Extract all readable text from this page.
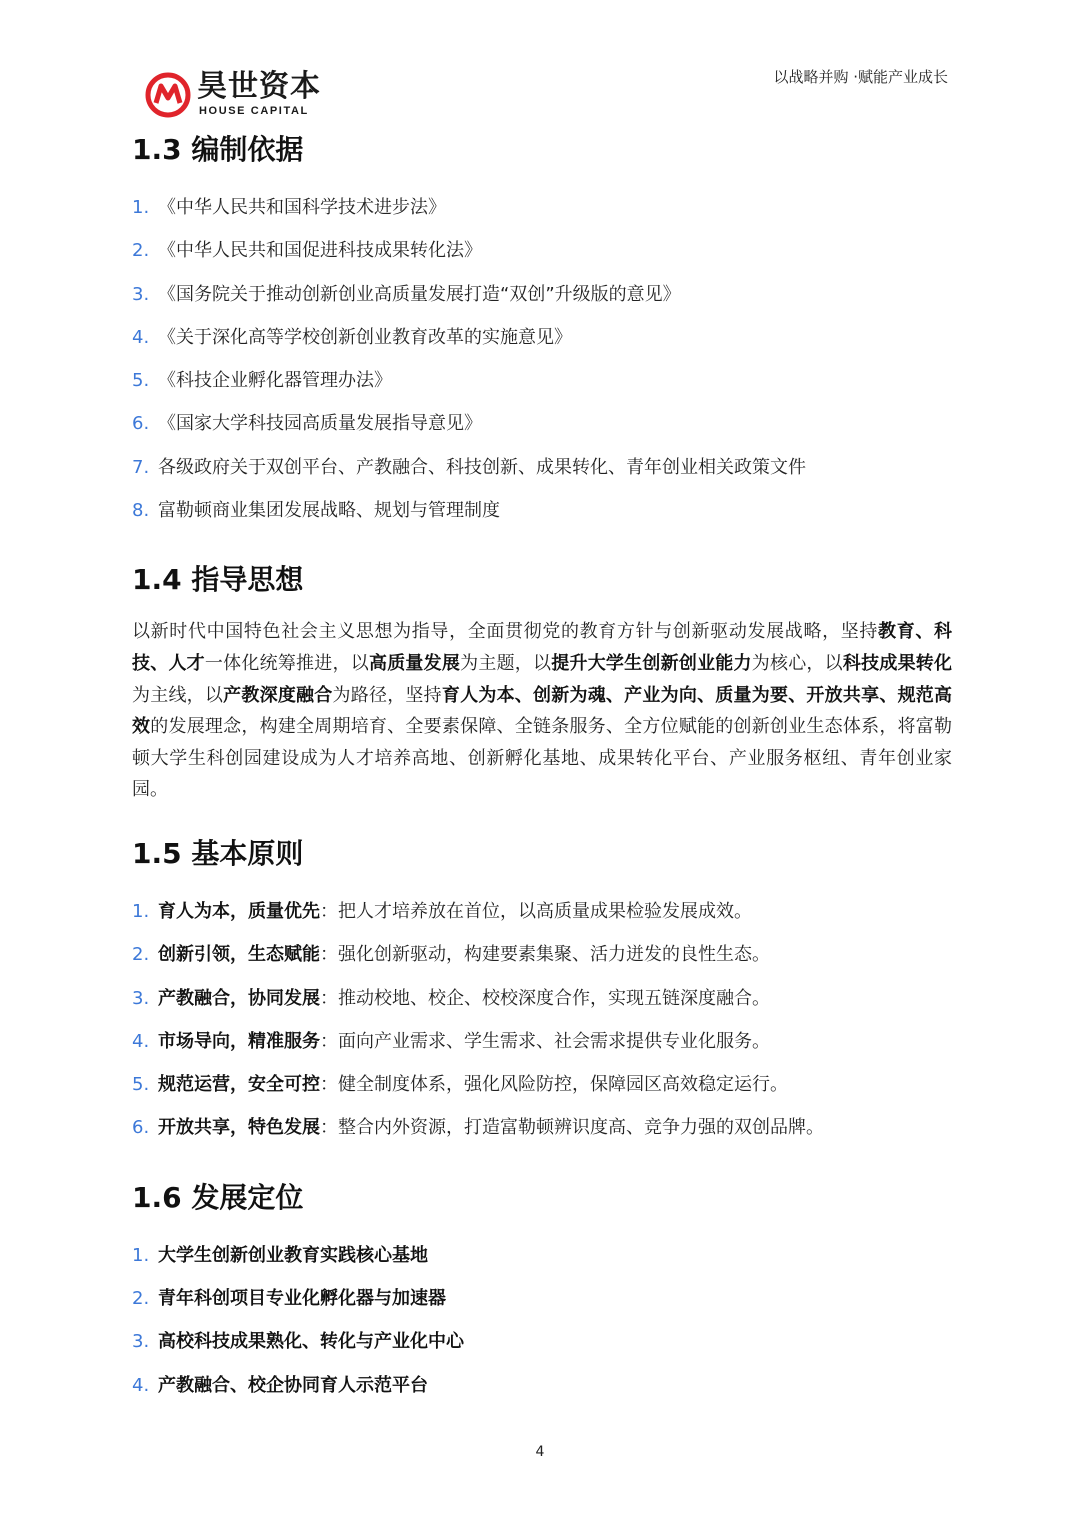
昊世资本
HOUSE CAPITAL
以战略并购 ·赋能产业成长
1.3 编制依据
1. 《中华人民共和国科学技术进步法》
2. 《中华人民共和国促进科技成果转化法》
3. 《国务院关于推动创新创业高质量发展打造“双创”升级版的意见》
4. 《关于深化高等学校创新创业教育改革的实施意见》
5. 《科技企业孵化器管理办法》
6. 《国家大学科技园高质量发展指导意见》
7. 各级政府关于双创平台、产教融合、科技创新、成果转化、青年创业相关政策文件
8. 富勒顿商业集团发展战略、规划与管理制度
1.4 指导思想

以新时代中国特色社会主义思想为指导，全面贯彻党的教育方针与创新驱动发展战略，坚持教育、科技、人才一体化统筹推进，以高质量发展为主题，以提升大学生创新创业能力为核心，以科技成果转化为主线，以产教深度融合为路径，坚持育人为本、创新为魂、产业为向、质量为要、开放共享、规范高效的发展理念，构建全周期培育、全要素保障、全链条服务、全方位赋能的创新创业生态体系，将富勒顿大学生科创园建设成为人才培养高地、创新孵化基地、成果转化平台、产业服务枢纽、青年创业家园。

1.5 基本原则
1. 育人为本，质量优先：把人才培养放在首位，以高质量成果检验发展成效。
2. 创新引领，生态赋能：强化创新驱动，构建要素集聚、活力迸发的良性生态。
3. 产教融合，协同发展：推动校地、校企、校校深度合作，实现五链深度融合。
4. 市场导向，精准服务：面向产业需求、学生需求、社会需求提供专业化服务。
5. 规范运营，安全可控：健全制度体系，强化风险防控，保障园区高效稳定运行。
6. 开放共享，特色发展：整合内外资源，打造富勒顿辨识度高、竞争力强的双创品牌。
1.6 发展定位
1. 大学生创新创业教育实践核心基地
2. 青年科创项目专业化孵化器与加速器
3. 高校科技成果熟化、转化与产业化中心
4. 产教融合、校企协同育人示范平台
4
